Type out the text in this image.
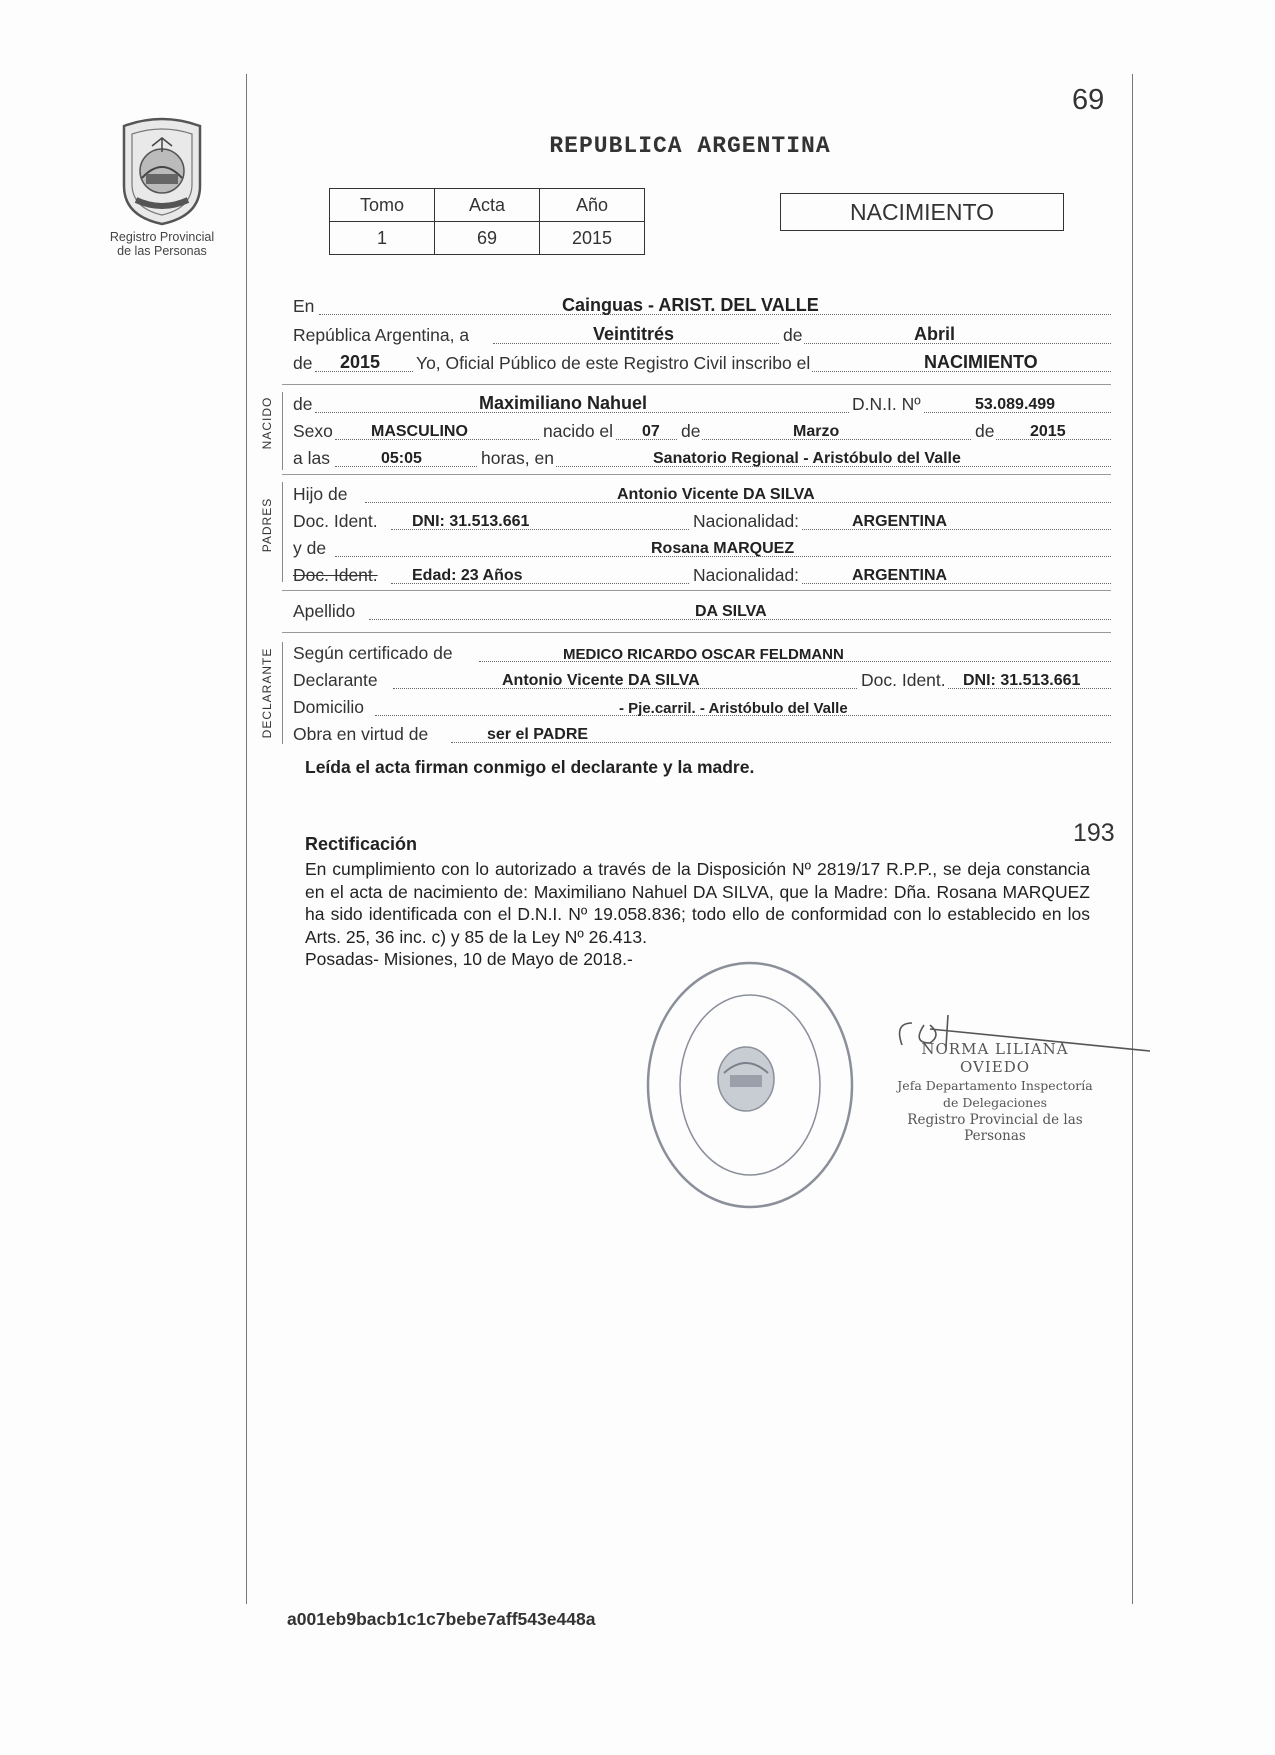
69
Registro Provincial
de las Personas
REPUBLICA ARGENTINA
Tomo	Acta	Año
1	69	2015
NACIMIENTO
En	Cainguas - ARIST. DEL VALLE
República Argentina, a	Veintitrés	de	Abril
de 2015 Yo, Oficial Público de este Registro Civil inscribo el	NACIMIENTO
NACIDO de	Maximiliano Nahuel	D.N.I. Nº	53.089.499
Sexo MASCULINO	nacido el 07 de	Marzo	de 2015
a las	05:05	horas, en	Sanatorio Regional - Aristóbulo del Valle
PADRES
Hijo de	Antonio Vicente DA SILVA
Doc. Ident. DNI: 31.513.661	Nacionalidad:	ARGENTINA
y de	Rosana MARQUEZ
Doc. Ident. Edad: 23 Años	Nacionalidad:	ARGENTINA
Apellido	DA SILVA
DECLARANTE Según certificado de	MEDICO RICARDO OSCAR FELDMANN
Declarante	Antonio Vicente DA SILVA	Doc. Ident. DNI: 31.513.661
Domicilio	- Pje.carril. - Aristóbulo del Valle
Obra en virtud de	ser el PADRE
Leída el acta firman conmigo el declarante y la madre.
193
Rectificación

En cumplimiento con lo autorizado a través de la Disposición Nº 2819/17 R.P.P., se deja constancia en el acta de nacimiento de: Maximiliano Nahuel DA SILVA, que la Madre: Dña. Rosana MARQUEZ ha sido identificada con el D.N.I. Nº 19.058.836; todo ello de conformidad con lo establecido en los Arts. 25, 36 inc. c) y 85 de la Ley Nº 26.413.

Posadas- Misiones, 10 de Mayo de 2018.-

NORMA LILIANA OVIEDO
Jefa Departamento Inspectoría
de Delegaciones
Registro Provincial de las Personas
a001eb9bacb1c1c7bebe7aff543e448a
